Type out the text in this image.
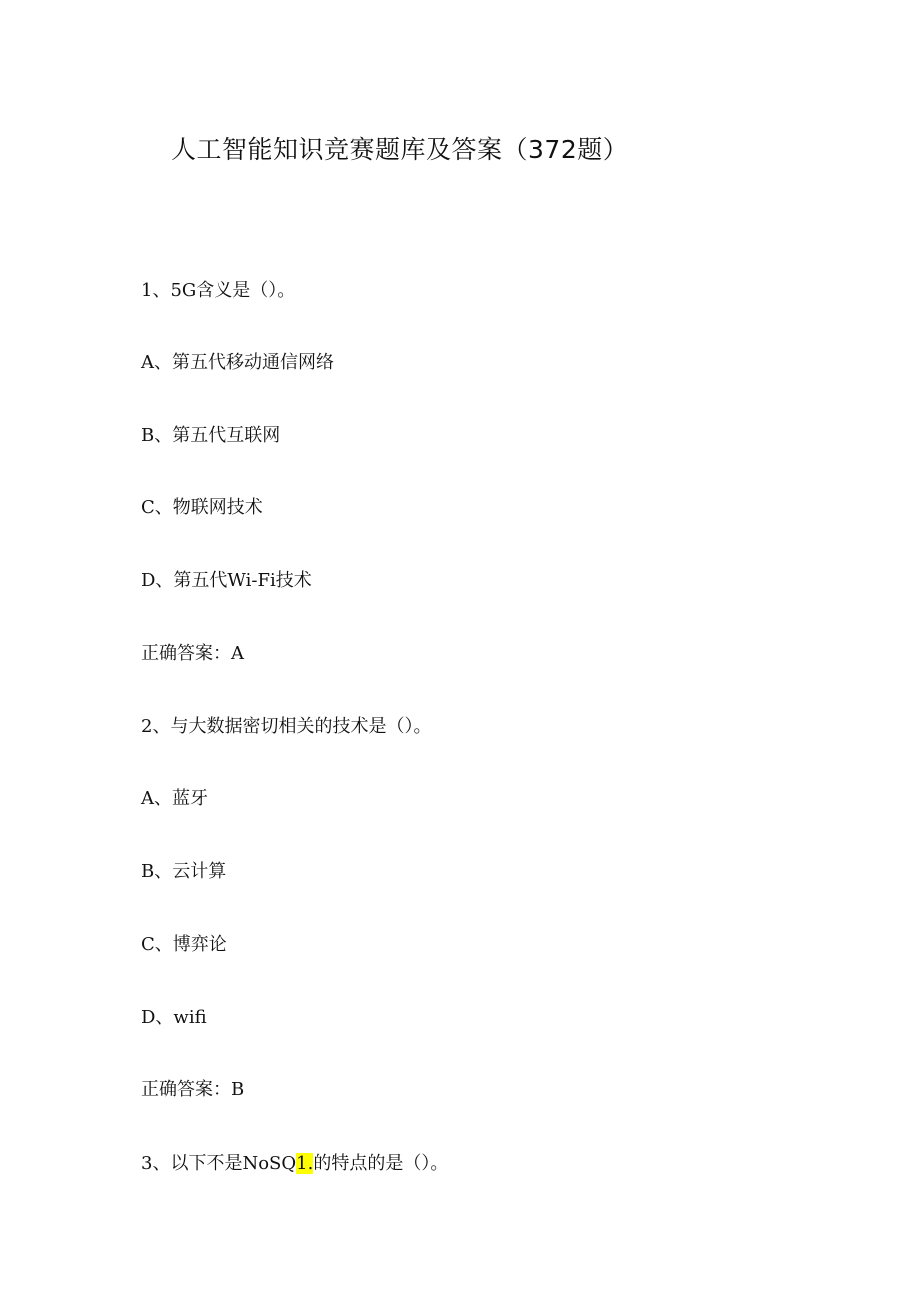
人工智能知识竞赛题库及答案（372题）
1、5G含义是（）。
A、第五代移动通信网络
B、第五代互联网
C、物联网技术
D、第五代Wi-Fi技术
正确答案：A
2、与大数据密切相关的技术是（）。
A、蓝牙
B、云计算
C、博弈论
D、wifi
正确答案：B
3、以下不是NoSQ1.的特点的是（）。
